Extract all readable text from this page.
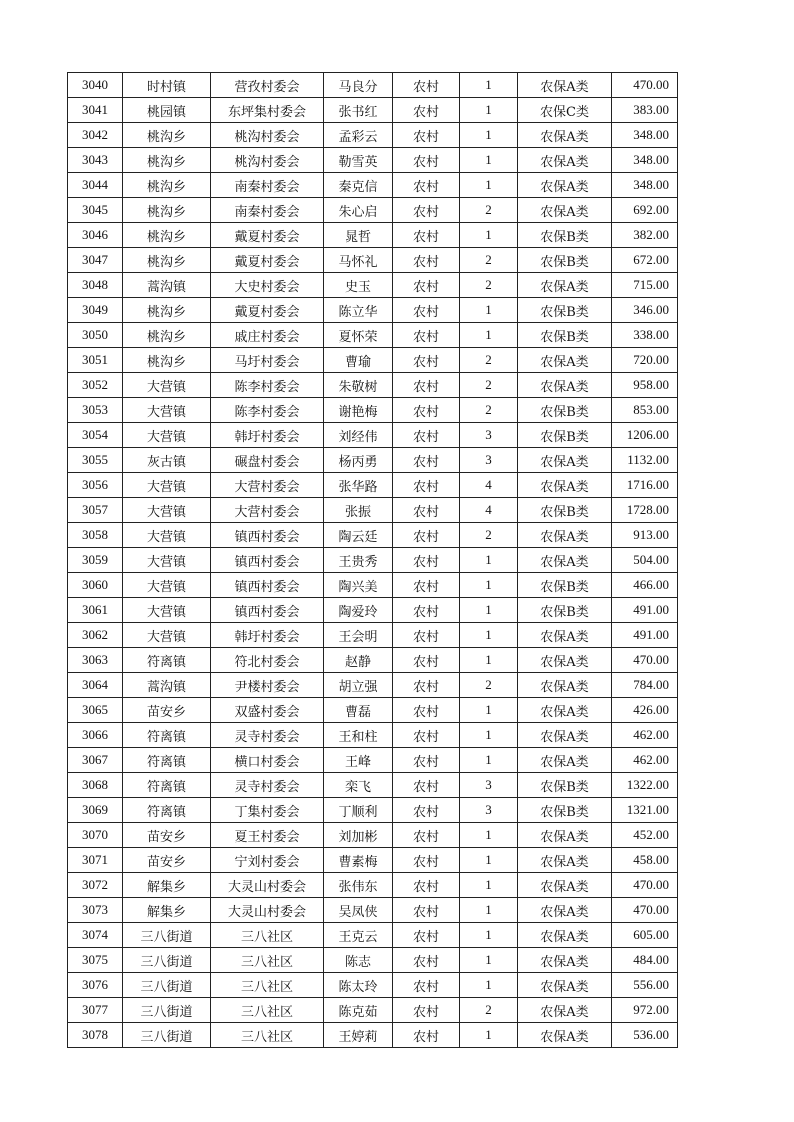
3040	时村镇	营孜村委会	马良分	农村	1	农保A类	470.00
3041	桃园镇	东坪集村委会	张书红	农村	1	农保C类	383.00
3042	桃沟乡	桃沟村委会	孟彩云	农村	1	农保A类	348.00
3043	桃沟乡	桃沟村委会	勒雪英	农村	1	农保A类	348.00
3044	桃沟乡	南秦村委会	秦克信	农村	1	农保A类	348.00
3045	桃沟乡	南秦村委会	朱心启	农村	2	农保A类	692.00
3046	桃沟乡	戴夏村委会	晁哲	农村	1	农保B类	382.00
3047	桃沟乡	戴夏村委会	马怀礼	农村	2	农保B类	672.00
3048	蒿沟镇	大史村委会	史玉	农村	2	农保A类	715.00
3049	桃沟乡	戴夏村委会	陈立华	农村	1	农保B类	346.00
3050	桃沟乡	戚庄村委会	夏怀荣	农村	1	农保B类	338.00
3051	桃沟乡	马圩村委会	曹瑜	农村	2	农保A类	720.00
3052	大营镇	陈李村委会	朱敬树	农村	2	农保A类	958.00
3053	大营镇	陈李村委会	谢艳梅	农村	2	农保B类	853.00
3054	大营镇	韩圩村委会	刘经伟	农村	3	农保B类	1206.00
3055	灰古镇	碾盘村委会	杨丙勇	农村	3	农保A类	1132.00
3056	大营镇	大营村委会	张华路	农村	4	农保A类	1716.00
3057	大营镇	大营村委会	张振	农村	4	农保B类	1728.00
3058	大营镇	镇西村委会	陶云廷	农村	2	农保A类	913.00
3059	大营镇	镇西村委会	王贵秀	农村	1	农保A类	504.00
3060	大营镇	镇西村委会	陶兴美	农村	1	农保B类	466.00
3061	大营镇	镇西村委会	陶爱玲	农村	1	农保B类	491.00
3062	大营镇	韩圩村委会	王会明	农村	1	农保A类	491.00
3063	符离镇	符北村委会	赵静	农村	1	农保A类	470.00
3064	蒿沟镇	尹楼村委会	胡立强	农村	2	农保A类	784.00
3065	苗安乡	双盛村委会	曹磊	农村	1	农保A类	426.00
3066	符离镇	灵寺村委会	王和柱	农村	1	农保A类	462.00
3067	符离镇	横口村委会	王峰	农村	1	农保A类	462.00
3068	符离镇	灵寺村委会	栾飞	农村	3	农保B类	1322.00
3069	符离镇	丁集村委会	丁顺利	农村	3	农保B类	1321.00
3070	苗安乡	夏王村委会	刘加彬	农村	1	农保A类	452.00
3071	苗安乡	宁刘村委会	曹素梅	农村	1	农保A类	458.00
3072	解集乡	大灵山村委会	张伟东	农村	1	农保A类	470.00
3073	解集乡	大灵山村委会	吴凤侠	农村	1	农保A类	470.00
3074	三八街道	三八社区	王克云	农村	1	农保A类	605.00
3075	三八街道	三八社区	陈志	农村	1	农保A类	484.00
3076	三八街道	三八社区	陈太玲	农村	1	农保A类	556.00
3077	三八街道	三八社区	陈克茹	农村	2	农保A类	972.00
3078	三八街道	三八社区	王婷莉	农村	1	农保A类	536.00
